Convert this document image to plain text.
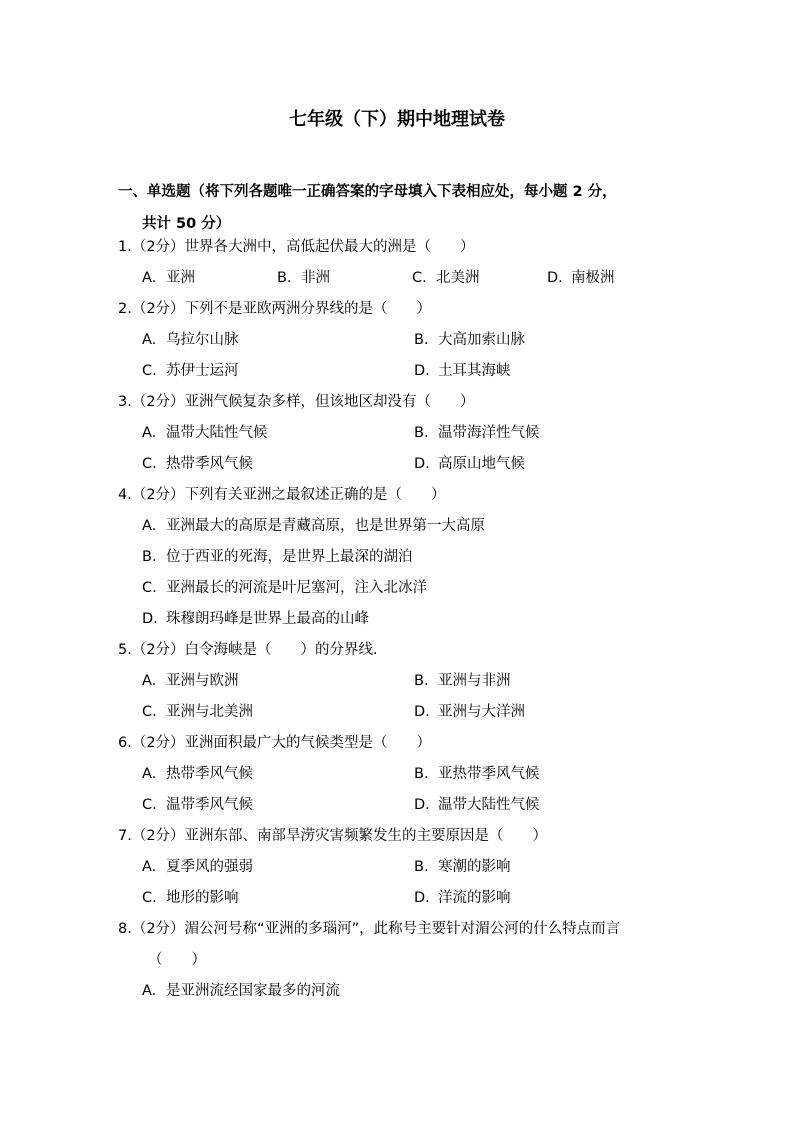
七年级（下）期中地理试卷
一、单选题（将下列各题唯一正确答案的字母填入下表相应处，每小题 2 分，
共计 50 分）
1.（2分）世界各大洲中，高低起伏最大的洲是（　　）
A. 亚洲	B. 非洲	C. 北美洲	D. 南极洲
2.（2分）下列不是亚欧两洲分界线的是（　　）
A. 乌拉尔山脉	B. 大高加索山脉
C. 苏伊士运河	D. 土耳其海峡
3.（2分）亚洲气候复杂多样，但该地区却没有（　　）
A. 温带大陆性气候	B. 温带海洋性气候
C. 热带季风气候	D. 高原山地气候
4.（2分）下列有关亚洲之最叙述正确的是（　　）
A. 亚洲最大的高原是青藏高原，也是世界第一大高原
B. 位于西亚的死海，是世界上最深的湖泊
C. 亚洲最长的河流是叶尼塞河，注入北冰洋
D. 珠穆朗玛峰是世界上最高的山峰
5.（2分）白令海峡是（　　）的分界线.
A. 亚洲与欧洲	B. 亚洲与非洲
C. 亚洲与北美洲	D. 亚洲与大洋洲
6.（2分）亚洲面积最广大的气候类型是（　　）
A. 热带季风气候	B. 亚热带季风气候
C. 温带季风气候	D. 温带大陆性气候
7.（2分）亚洲东部、南部旱涝灾害频繁发生的主要原因是（　　）
A. 夏季风的强弱	B. 寒潮的影响
C. 地形的影响	D. 洋流的影响
8.（2分）湄公河号称“亚洲的多瑙河”，此称号主要针对湄公河的什么特点而言
（　　）
A. 是亚洲流经国家最多的河流
